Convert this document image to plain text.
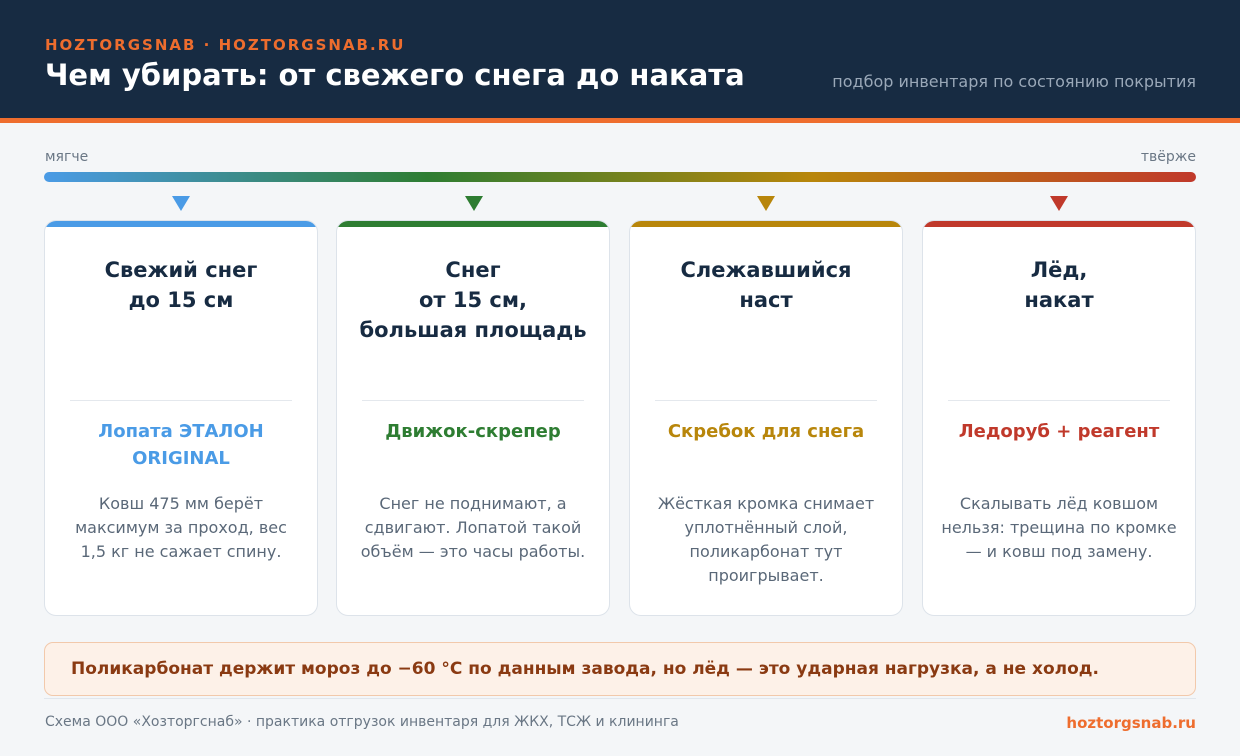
HOZTORGSNAB · HOZTORGSNAB.RU
Чем убирать: от свежего снега до наката	подбор инвентаря по состоянию покрытия
мягче	твёрже
Свежий снег
до 15 см
Лопата ЭТАЛОН ORIGINAL
Ковш 475 мм берёт максимум за проход, вес 1,5 кг не сажает спину.
Снег
от 15 см,
большая площадь
Движок-скрепер
Снег не поднимают, а сдвигают. Лопатой такой объём — это часы работы.
Слежавшийся
наст
Скребок для снега
Жёсткая кромка снимает уплотнённый слой, поликарбонат тут проигрывает.
Лёд,
накат
Ледоруб + реагент
Скалывать лёд ковшом нельзя: трещина по кромке — и ковш под замену.
Поликарбонат держит мороз до −60 °С по данным завода, но лёд — это ударная нагрузка, а не холод.
Схема ООО «Хозторгснаб» · практика отгрузок инвентаря для ЖКХ, ТСЖ и клининга	hoztorgsnab.ru
